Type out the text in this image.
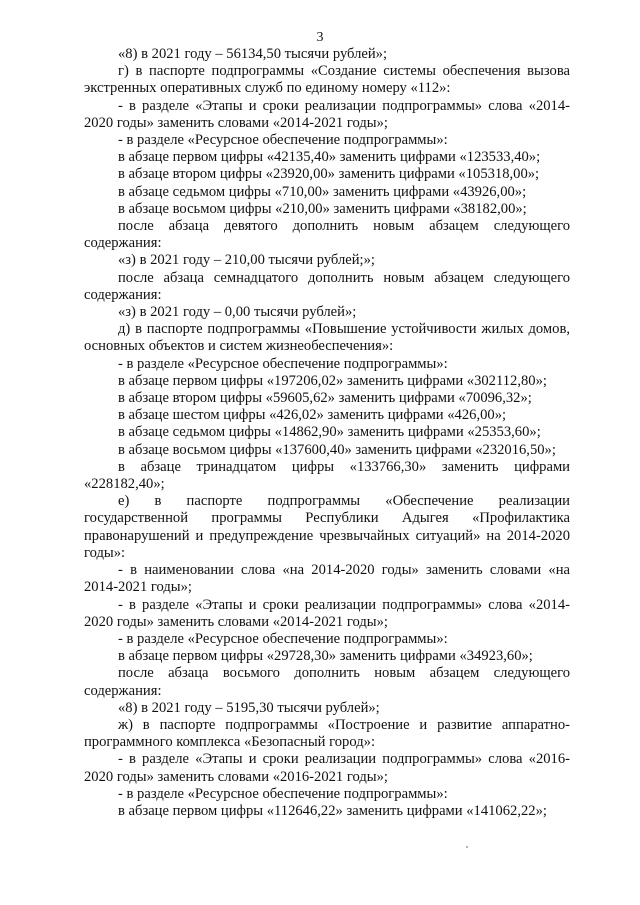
3

«8) в 2021 году – 56134,50 тысячи рублей»;

г) в паспорте подпрограммы «Создание системы обеспечения вызова экстренных оперативных служб по единому номеру «112»:

- в разделе «Этапы и сроки реализации подпрограммы» слова «2014-2020 годы» заменить словами «2014-2021 годы»;

- в разделе «Ресурсное обеспечение подпрограммы»:

в абзаце первом цифры «42135,40» заменить цифрами «123533,40»;

в абзаце втором цифры «23920,00» заменить цифрами «105318,00»;

в абзаце седьмом цифры «710,00» заменить цифрами «43926,00»;

в абзаце восьмом цифры «210,00» заменить цифрами «38182,00»;

после абзаца девятого дополнить новым абзацем следующего содержания:

«з) в 2021 году – 210,00 тысячи рублей;»;

после абзаца семнадцатого дополнить новым абзацем следующего содержания:

«з) в 2021 году – 0,00 тысячи рублей»;

д) в паспорте подпрограммы «Повышение устойчивости жилых домов, основных объектов и систем жизнеобеспечения»:

- в разделе «Ресурсное обеспечение подпрограммы»:

в абзаце первом цифры «197206,02» заменить цифрами «302112,80»;

в абзаце втором цифры «59605,62» заменить цифрами «70096,32»;

в абзаце шестом цифры «426,02» заменить цифрами «426,00»;

в абзаце седьмом цифры «14862,90» заменить цифрами «25353,60»;

в абзаце восьмом цифры «137600,40» заменить цифрами «232016,50»;

в абзаце тринадцатом цифры «133766,30» заменить цифрами «228182,40»;

е) в паспорте подпрограммы «Обеспечение реализации государственной программы Республики Адыгея «Профилактика правонарушений и предупреждение чрезвычайных ситуаций» на 2014-2020 годы»:

- в наименовании слова «на 2014-2020 годы» заменить словами «на 2014-2021 годы»;

- в разделе «Этапы и сроки реализации подпрограммы» слова «2014-2020 годы» заменить словами «2014-2021 годы»;

- в разделе «Ресурсное обеспечение подпрограммы»:

в абзаце первом цифры «29728,30» заменить цифрами «34923,60»;

после абзаца восьмого дополнить новым абзацем следующего содержания:

«8) в 2021 году – 5195,30 тысячи рублей»;

ж) в паспорте подпрограммы «Построение и развитие аппаратно-программного комплекса «Безопасный город»:

- в разделе «Этапы и сроки реализации подпрограммы» слова «2016-2020 годы» заменить словами «2016-2021 годы»;

- в разделе «Ресурсное обеспечение подпрограммы»:

в абзаце первом цифры «112646,22» заменить цифрами «141062,22»;
